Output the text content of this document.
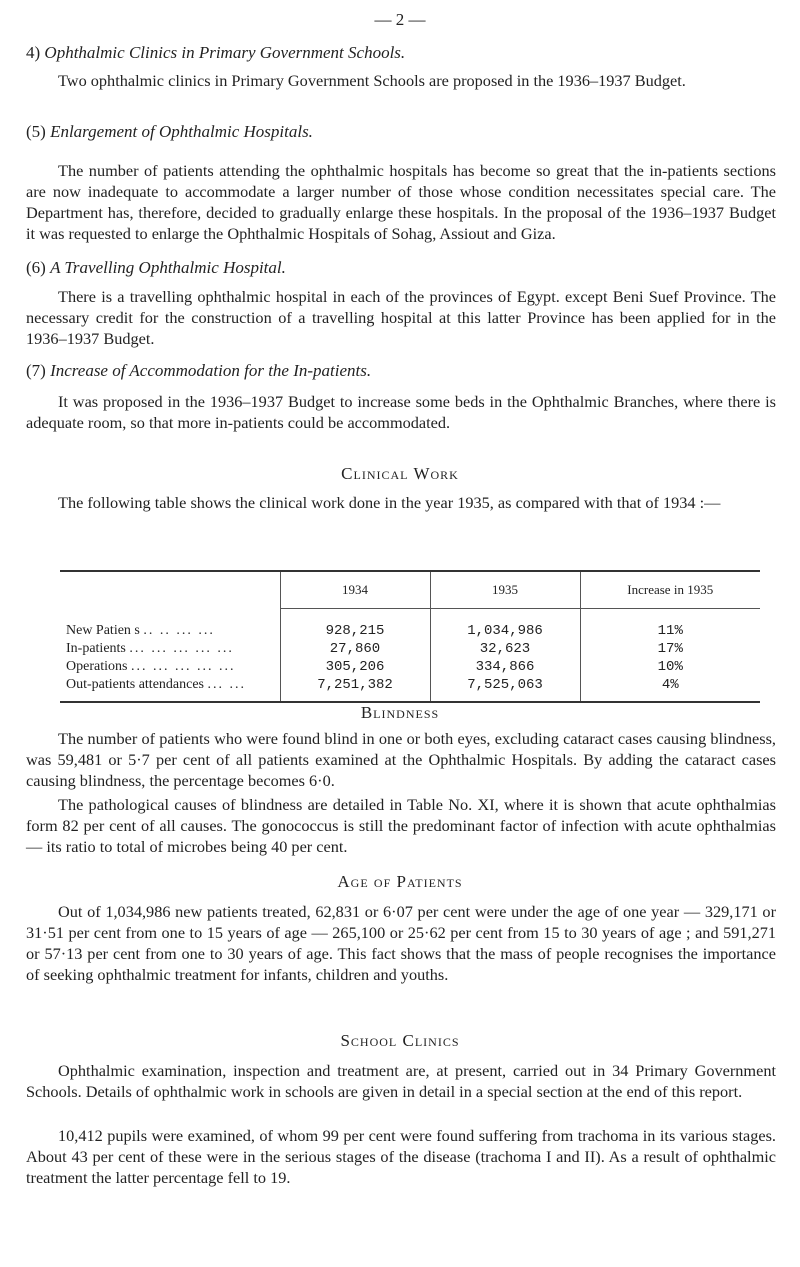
— 2 —
4) Ophthalmic Clinics in Primary Government Schools.
Two ophthalmic clinics in Primary Government Schools are proposed in the 1936–1937 Budget.
(5) Enlargement of Ophthalmic Hospitals.
The number of patients attending the ophthalmic hospitals has become so great that the in-patients sections are now inadequate to accommodate a larger number of those whose condition necessitates special care. The Department has, therefore, decided to gradually enlarge these hospitals. In the proposal of the 1936–1937 Budget it was requested to enlarge the Ophthalmic Hospitals of Sohag, Assiout and Giza.
(6) A Travelling Ophthalmic Hospital.
There is a travelling ophthalmic hospital in each of the provinces of Egypt. except Beni Suef Province. The necessary credit for the construction of a travelling hospital at this latter Province has been applied for in the 1936–1937 Budget.
(7) Increase of Accommodation for the In-patients.
It was proposed in the 1936–1937 Budget to increase some beds in the Ophthalmic Branches, where there is adequate room, so that more in-patients could be accommodated.
Clinical Work
The following table shows the clinical work done in the year 1935, as compared with that of 1934 :—

	1934	1935	Increase in 1935
New Patien s .. .. ... ...	928,215	1,034,986	11%
In-patients ... ... ... ... ...	27,860	32,623	17%
Operations ... ... ... ... ...	305,206	334,866	10%
Out-patients attendances ... ...	7,251,382	7,525,063	4%

Blindness
The number of patients who were found blind in one or both eyes, excluding cataract cases causing blindness, was 59,481 or 5·7 per cent of all patients examined at the Ophthalmic Hospitals. By adding the cataract cases causing blindness, the percentage becomes 6·0.
The pathological causes of blindness are detailed in Table No. XI, where it is shown that acute ophthalmias form 82 per cent of all causes. The gonococcus is still the predominant factor of infection with acute ophthalmias — its ratio to total of microbes being 40 per cent.
Age of Patients
Out of 1,034,986 new patients treated, 62,831 or 6·07 per cent were under the age of one year — 329,171 or 31·51 per cent from one to 15 years of age — 265,100 or 25·62 per cent from 15 to 30 years of age ; and 591,271 or 57·13 per cent from one to 30 years of age. This fact shows that the mass of people recognises the importance of seeking ophthalmic treatment for infants, children and youths.
School Clinics
Ophthalmic examination, inspection and treatment are, at present, carried out in 34 Primary Government Schools. Details of ophthalmic work in schools are given in detail in a special section at the end of this report.
10,412 pupils were examined, of whom 99 per cent were found suffering from trachoma in its various stages. About 43 per cent of these were in the serious stages of the disease (trachoma I and II). As a result of ophthalmic treatment the latter percentage fell to 19.
